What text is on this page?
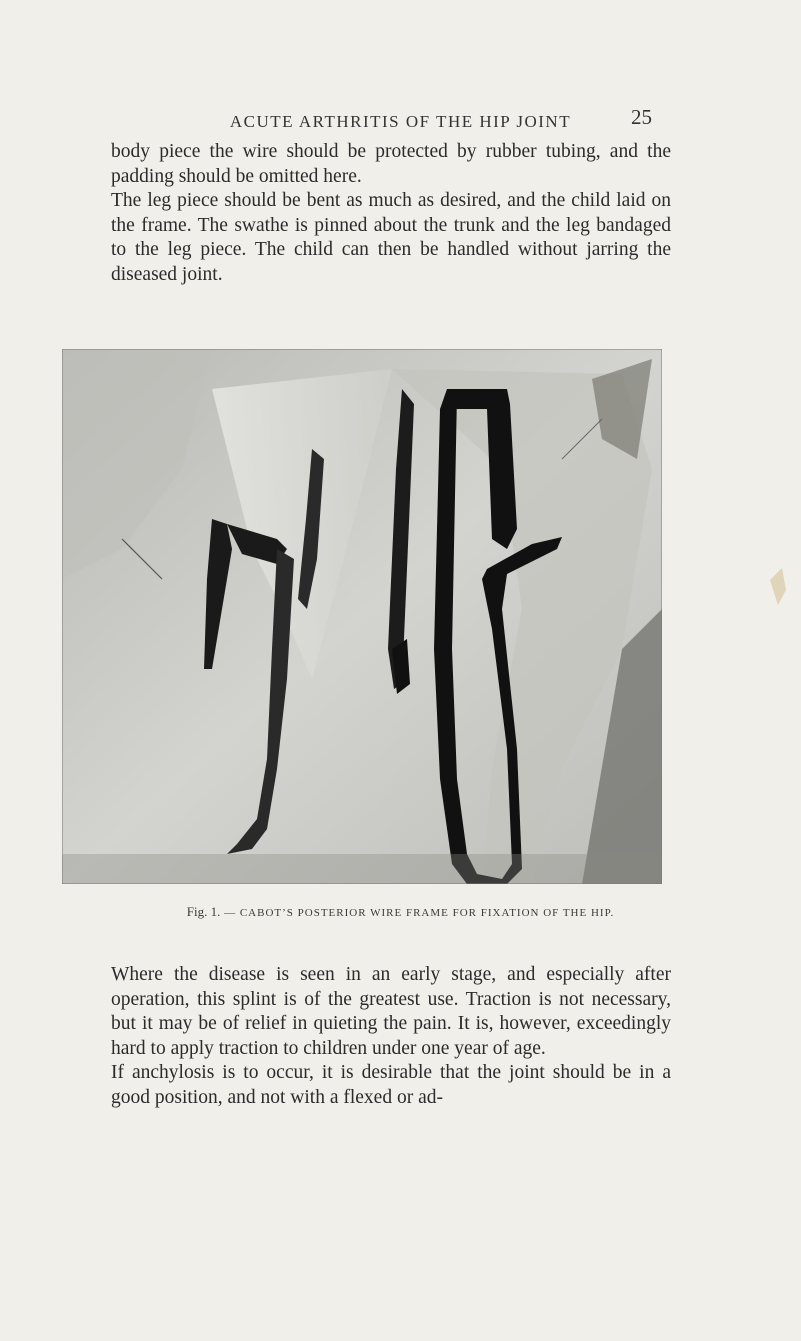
ACUTE ARTHRITIS OF THE HIP JOINT	25

body piece the wire should be protected by rubber tubing, and the padding should be omitted here.

The leg piece should be bent as much as desired, and the child laid on the frame. The swathe is pinned about the trunk and the leg bandaged to the leg piece. The child can then be handled without jarring the diseased joint.

Fig. 1. — CABOT’S POSTERIOR WIRE FRAME FOR FIXATION OF THE HIP.

Where the disease is seen in an early stage, and especially after operation, this splint is of the greatest use. Traction is not necessary, but it may be of relief in quieting the pain. It is, however, exceedingly hard to apply traction to children under one year of age.

If anchylosis is to occur, it is desirable that the joint should be in a good position, and not with a flexed or ad-
